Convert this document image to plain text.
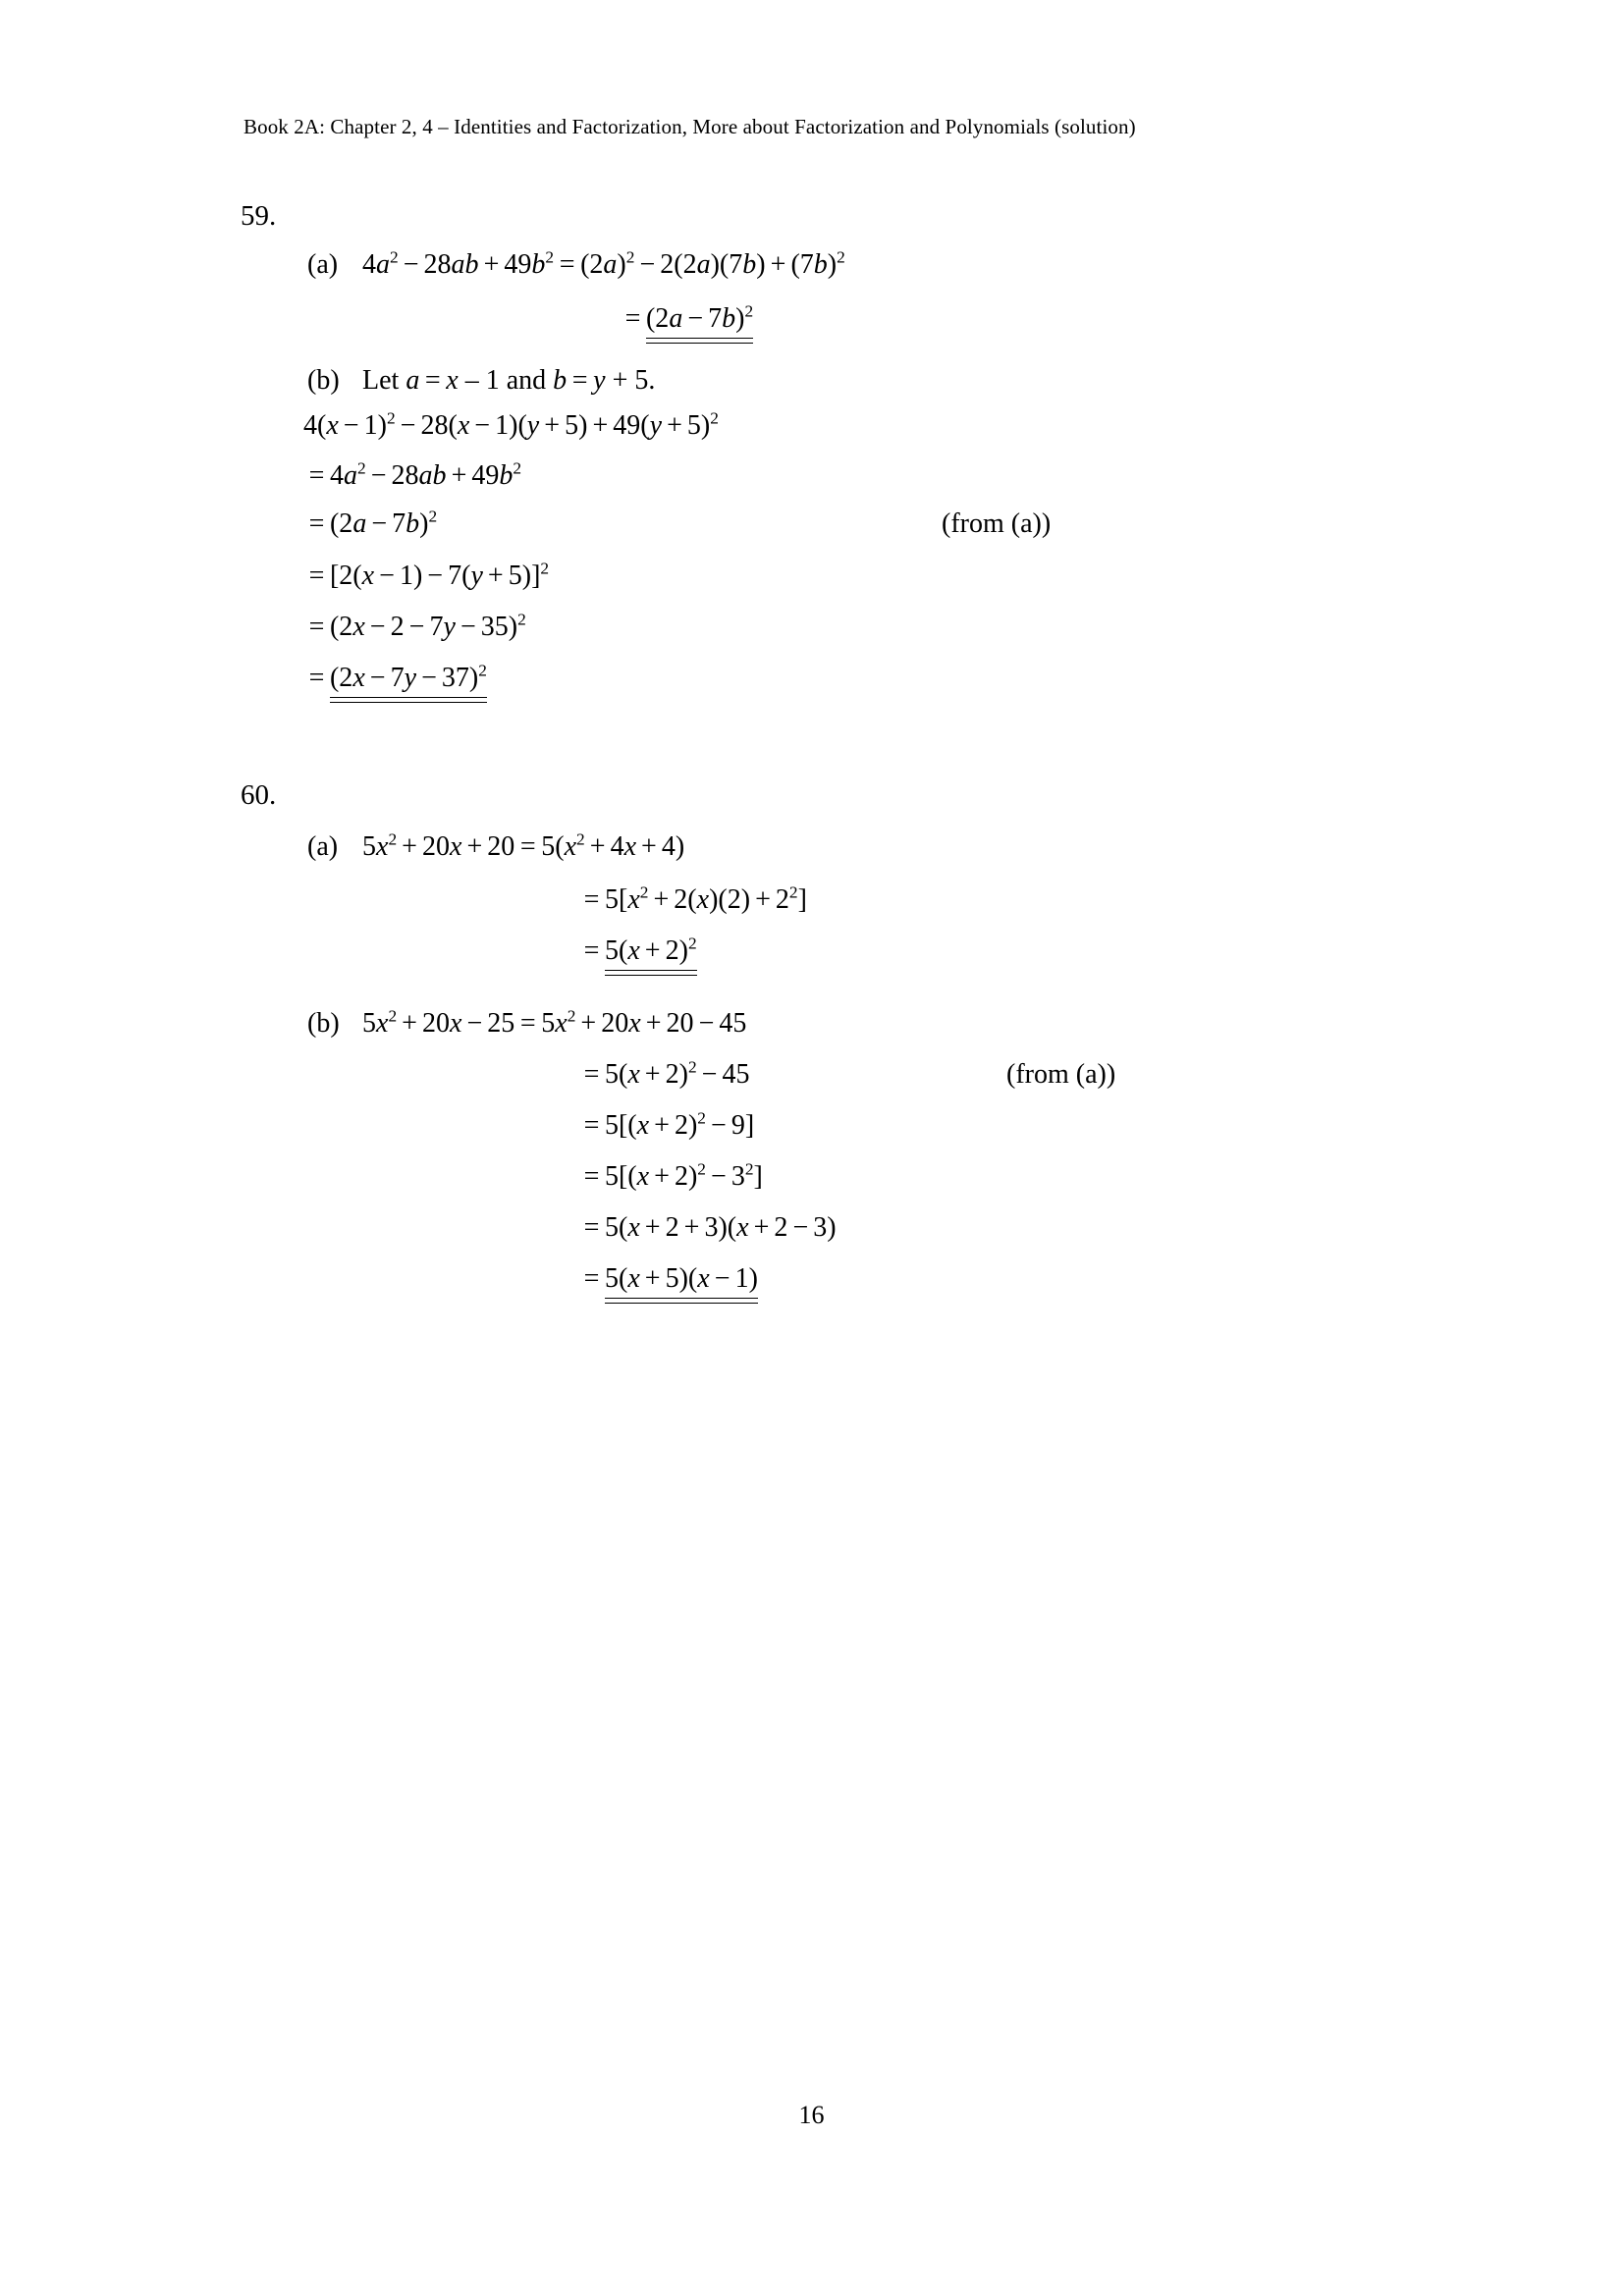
Book 2A: Chapter 2, 4 – Identities and Factorization, More about Factorization and Polynomials (solution)
59.
(a) $4a^2 - 28ab + 49b^2 = (2a)^2 - 2(2a)(7b) + (7b)^2$
= $(2a - 7b)^2$
(b) Let a = x – 1 and b = y + 5.
$4(x - 1)^2 - 28(x - 1)(y + 5) + 49(y + 5)^2$
= $4a^2 - 28ab + 49b^2$
= $(2a - 7b)^2$	(from (a))
= $[2(x - 1) - 7(y + 5)]^2$
= $(2x - 2 - 7y - 35)^2$
= $(2x - 7y - 37)^2$
60.
(a) $5x^2 + 20x + 20 = 5(x^2 + 4x + 4)$
= $5[x^2 + 2(x)(2) + 2^2]$
= $5(x + 2)^2$
(b) $5x^2 + 20x - 25 = 5x^2 + 20x + 20 - 45$
= $5(x + 2)^2 - 45$	(from (a))
= $5[(x + 2)^2 - 9]$
= $5[(x + 2)^2 - 3^2]$
= 5(x + 2 + 3)(x + 2 − 3)
= 5(x + 5)(x − 1)
16
